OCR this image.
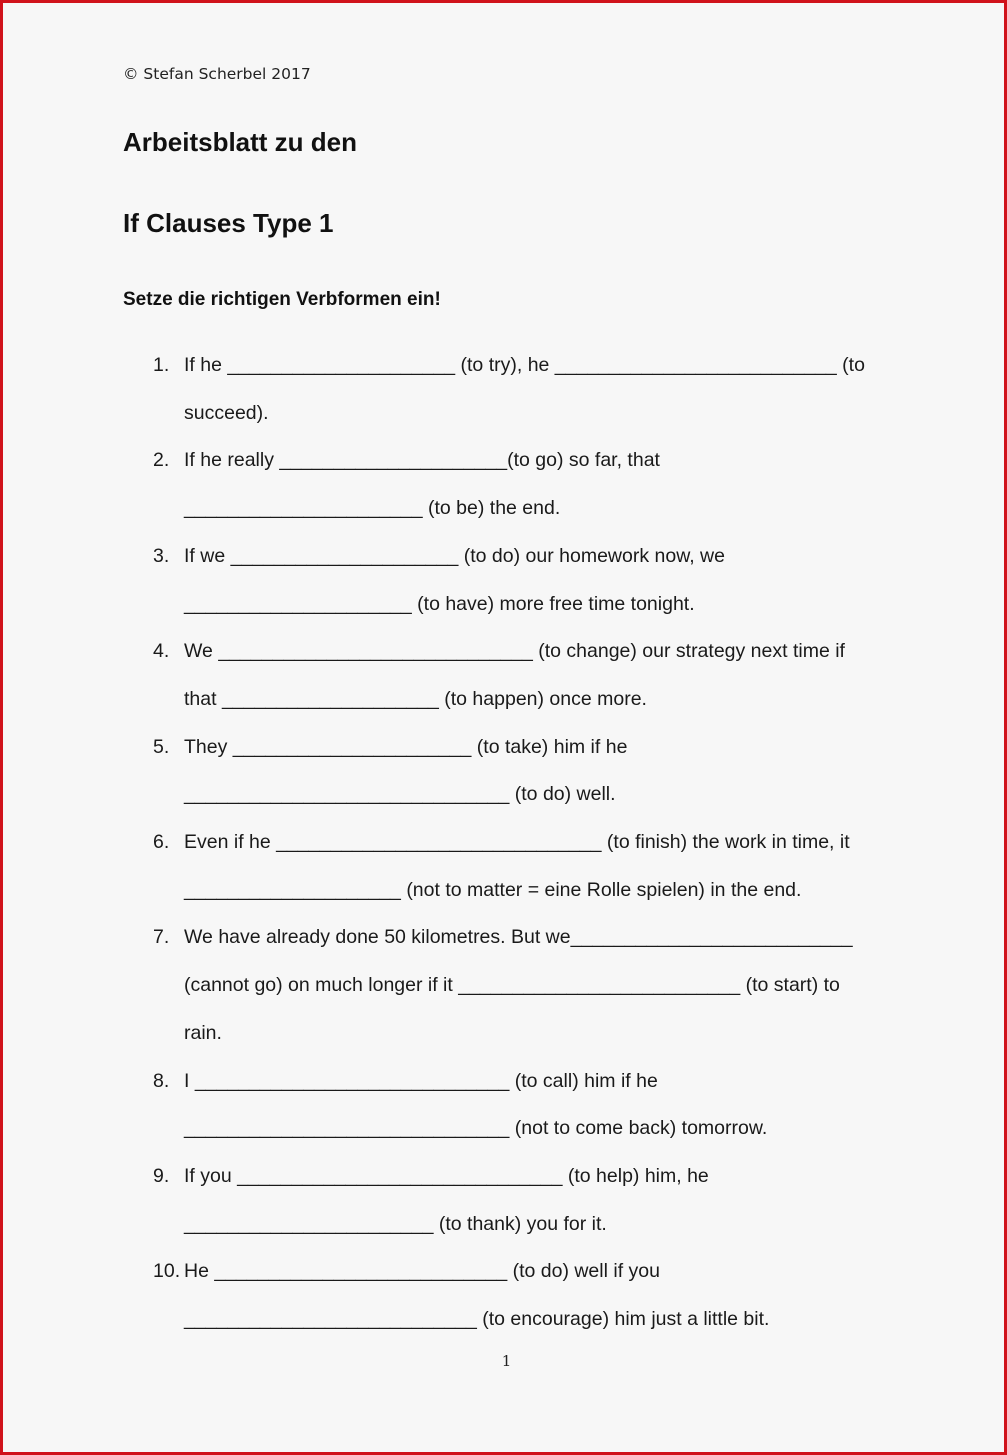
© Stefan Scherbel 2017
Arbeitsblatt zu den
If Clauses Type 1
Setze die richtigen Verbformen ein!
1. If he _____________________ (to try), he __________________________ (to
succeed).
2. If he really _____________________(to go) so far, that
______________________ (to be) the end.
3. If we _____________________ (to do) our homework now, we
_____________________ (to have) more free time tonight.
4. We _____________________________ (to change) our strategy next time if
that ____________________ (to happen) once more.
5. They ______________________ (to take) him if he
______________________________ (to do) well.
6. Even if he ______________________________ (to finish) the work in time, it
____________________ (not to matter = eine Rolle spielen) in the end.
7. We have already done 50 kilometres. But we__________________________
(cannot go) on much longer if it __________________________ (to start) to
rain.
8. I _____________________________ (to call) him if he
______________________________ (not to come back) tomorrow.
9. If you ______________________________ (to help) him, he
_______________________ (to thank) you for it.
10. He ___________________________ (to do) well if you
___________________________ (to encourage) him just a little bit.
1
